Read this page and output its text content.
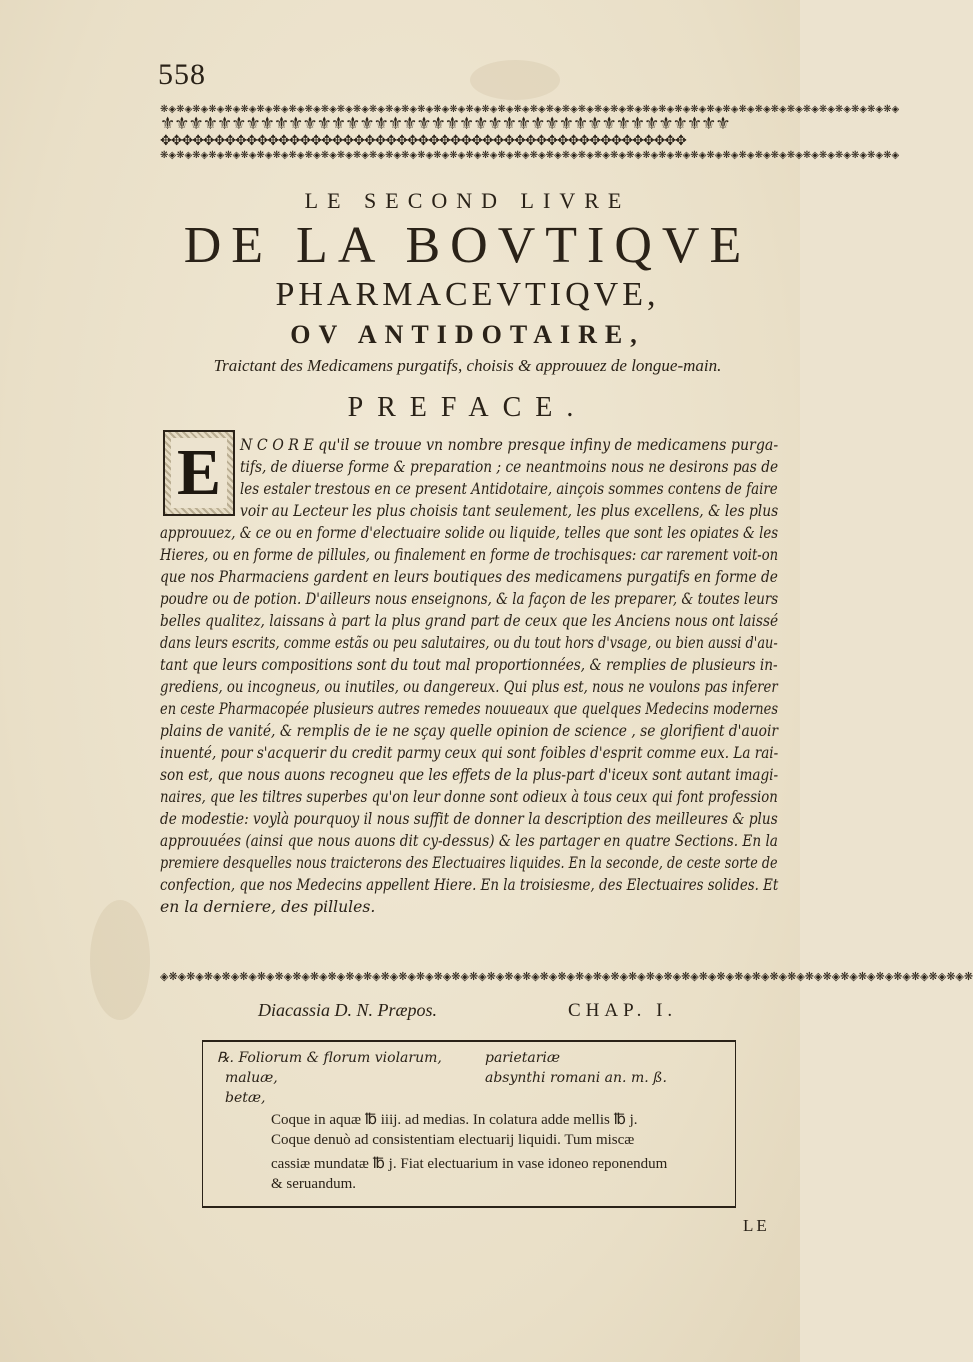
558
❋◈❋◈❋◈❋◈❋◈❋◈❋◈❋◈❋◈❋◈❋◈❋◈❋◈❋◈❋◈❋◈❋◈❋◈❋◈❋◈❋◈❋◈❋◈❋◈❋◈❋◈❋◈❋◈❋◈❋◈❋◈❋◈❋◈❋◈❋◈❋◈❋◈❋◈❋◈❋◈❋◈❋◈❋◈❋◈❋◈❋◈
⚜⚜⚜⚜⚜⚜⚜⚜⚜⚜⚜⚜⚜⚜⚜⚜⚜⚜⚜⚜⚜⚜⚜⚜⚜⚜⚜⚜⚜⚜⚜⚜⚜⚜⚜⚜⚜⚜⚜⚜
✥✥✥✥✥✥✥✥✥✥✥✥✥✥✥✥✥✥✥✥✥✥✥✥✥✥✥✥✥✥✥✥✥✥✥✥✥✥✥✥✥✥✥✥✥✥✥✥✥
❋◈❋◈❋◈❋◈❋◈❋◈❋◈❋◈❋◈❋◈❋◈❋◈❋◈❋◈❋◈❋◈❋◈❋◈❋◈❋◈❋◈❋◈❋◈❋◈❋◈❋◈❋◈❋◈❋◈❋◈❋◈❋◈❋◈❋◈❋◈❋◈❋◈❋◈❋◈❋◈❋◈❋◈❋◈❋◈❋◈❋◈
LE SECOND LIVRE
DE LA BOVTIQVE
PHARMACEVTIQVE,
OV ANTIDOTAIRE,
Traictant des Medicamens purgatifs, choisis & approuuez de longue-main.
PREFACE.
E	N C O R E qu'il se trouue vn nombre presque infiny de medicamens purga-
tifs, de diuerse forme & preparation ; ce neantmoins nous ne desirons pas de
les estaler trestous en ce present Antidotaire, ainçois sommes contens de faire
voir au Lecteur les plus choisis tant seulement, les plus excellens, & les plus
approuuez, & ce ou en forme d'electuaire solide ou liquide, telles que sont les opiates & les
Hieres, ou en forme de pillules, ou finalement en forme de trochisques: car rarement voit-on
que nos Pharmaciens gardent en leurs boutiques des medicamens purgatifs en forme de
poudre ou de potion. D'ailleurs nous enseignons, & la façon de les preparer, & toutes leurs
belles qualitez, laissans à part la plus grand part de ceux que les Anciens nous ont laissé
dans leurs escrits, comme estãs ou peu salutaires, ou du tout hors d'vsage, ou bien aussi d'au-
tant que leurs compositions sont du tout mal proportionnées, & remplies de plusieurs in-
grediens, ou incogneus, ou inutiles, ou dangereux. Qui plus est, nous ne voulons pas inferer
en ceste Pharmacopée plusieurs autres remedes nouueaux que quelques Medecins modernes
plains de vanité, & remplis de ie ne sçay quelle opinion de science , se glorifient d'auoir
inuenté, pour s'acquerir du credit parmy ceux qui sont foibles d'esprit comme eux. La rai-
son est, que nous auons recogneu que les effets de la plus-part d'iceux sont autant imagi-
naires, que les tiltres superbes qu'on leur donne sont odieux à tous ceux qui font profession
de modestie: voylà pourquoy il nous suffit de donner la description des meilleures & plus
approuuées (ainsi que nous auons dit cy-dessus) & les partager en quatre Sections. En la
premiere desquelles nous traicterons des Electuaires liquides. En la seconde, de ceste sorte de
confection, que nos Medecins appellent Hiere. En la troisiesme, des Electuaires solides. Et
en la derniere, des pillules.
◈❋◈❋◈❋◈❋◈❋◈❋◈❋◈❋◈❋◈❋◈❋◈❋◈❋◈❋◈❋◈❋◈❋◈❋◈❋◈❋◈❋◈❋◈❋◈❋◈❋◈❋◈❋◈❋◈❋◈❋◈❋◈❋◈❋◈❋◈❋◈❋◈❋◈❋◈❋◈❋◈❋◈❋◈❋◈❋◈❋◈❋
Diacassia D. N. Præpos.	CHAP. I.
℞. Foliorum & florum violarum,
maluæ,
betæ,
parietariæ
absynthi romani an. m. ß.
Coque in aquæ ℔ iiij. ad medias. In colatura adde mellis ℔ j.
Coque denuò ad consistentiam electuarij liquidi. Tum miscæ
cassiæ mundatæ ℔ j. Fiat electuarium in vase idoneo reponendum
& seruandum.
LE
